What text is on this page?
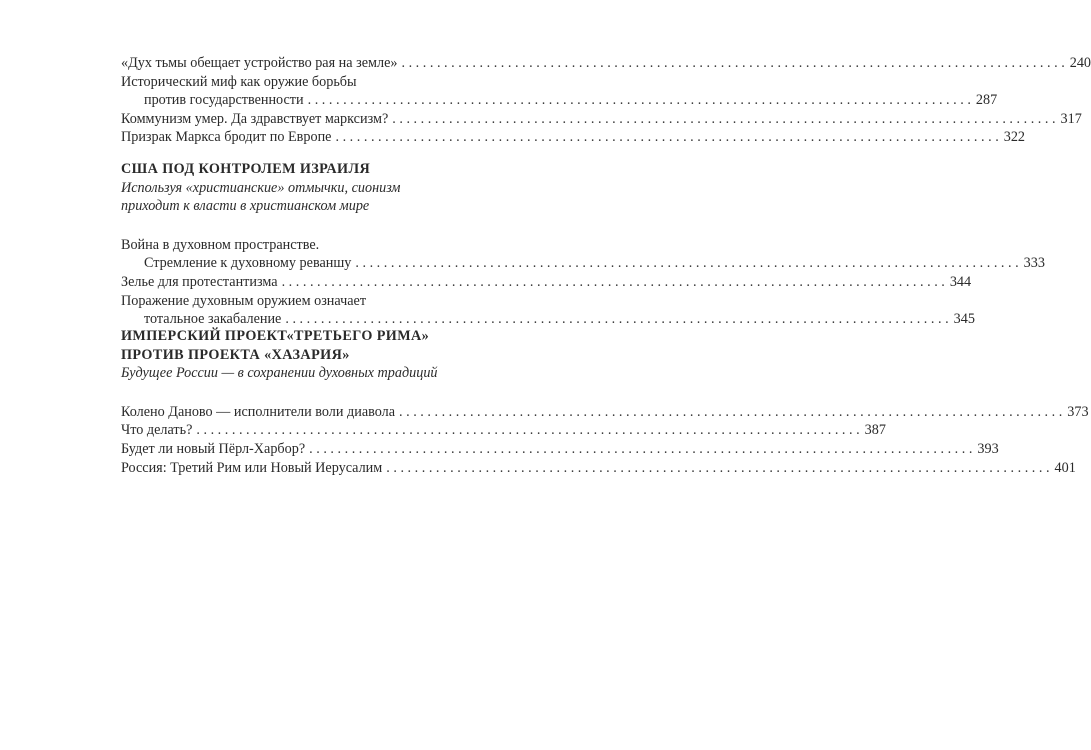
«Дух тьмы обещает устройство рая на земле» . . .	240
Исторический миф как оружие борьбы
против государственности . . .	287
Коммунизм умер. Да здравствует марксизм? . . .	317
Призрак Маркса бродит по Европе . . .	322
США ПОД КОНТРОЛЕМ ИЗРАИЛЯ
Используя «христианские» отмычки, сионизм
приходит к власти в христианском мире
Война в духовном пространстве.
Стремление к духовному реваншу . . .	333
Зелье для протестантизма . . .	344
Поражение духовным оружием означает
тотальное закабаление . . .	345
ИМПЕРСКИЙ ПРОЕКТ«ТРЕТЬЕГО РИМА»
ПРОТИВ ПРОЕКТА «ХАЗАРИЯ»
Будущее России — в сохранении духовных традиций
Колено Даново — исполнители воли диавола . . .	373
Что делать? . . .	387
Будет ли новый Пёрл-Харбор? . . .	393
Россия: Третий Рим или Новый Иерусалим . . .	401
